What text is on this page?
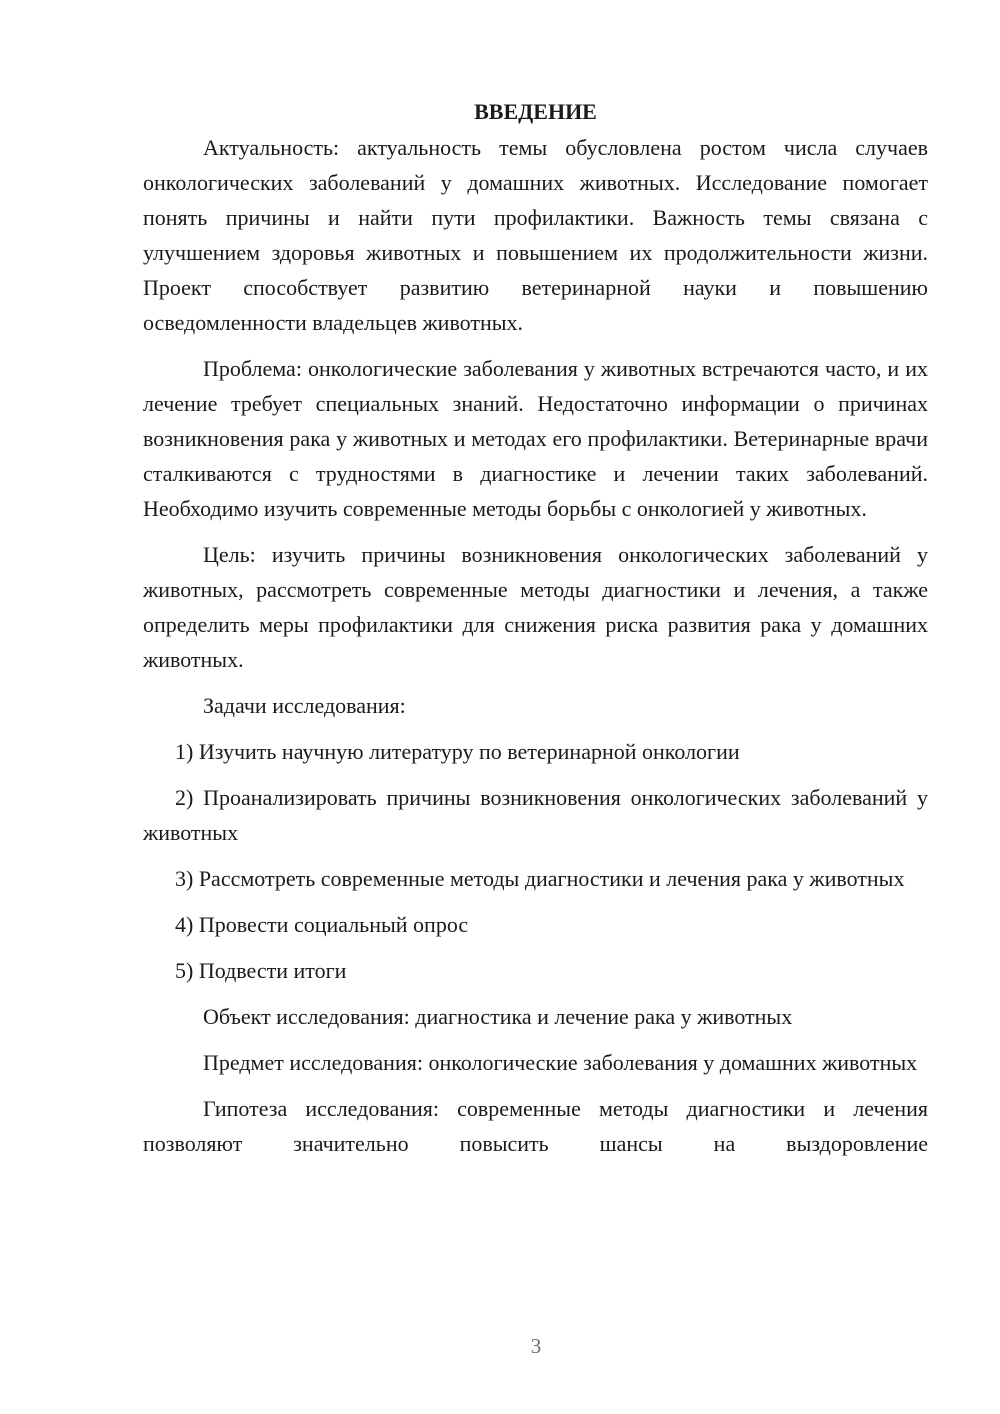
ВВЕДЕНИЕ

Актуальность: актуальность темы обусловлена ростом числа случаев онкологических заболеваний у домашних животных. Исследование помогает понять причины и найти пути профилактики. Важность темы связана с улучшением здоровья животных и повышением их продолжительности жизни. Проект способствует развитию ветеринарной науки и повышению осведомленности владельцев животных.

Проблема: онкологические заболевания у животных встречаются часто, и их лечение требует специальных знаний. Недостаточно информации о причинах возникновения рака у животных и методах его профилактики. Ветеринарные врачи сталкиваются с трудностями в диагностике и лечении таких заболеваний. Необходимо изучить современные методы борьбы с онкологией у животных.

Цель: изучить причины возникновения онкологических заболеваний у животных, рассмотреть современные методы диагностики и лечения, а также определить меры профилактики для снижения риска развития рака у домашних животных.

Задачи исследования:

1) Изучить научную литературу по ветеринарной онкологии

2) Проанализировать причины возникновения онкологических заболеваний у животных

3) Рассмотреть современные методы диагностики и лечения рака у животных

4) Провести социальный опрос

5) Подвести итоги

Объект исследования: диагностика и лечение рака у животных

Предмет исследования: онкологические заболевания у домашних животных

Гипотеза исследования: современные методы диагностики и лечения позволяют значительно повысить шансы на выздоровление

3
